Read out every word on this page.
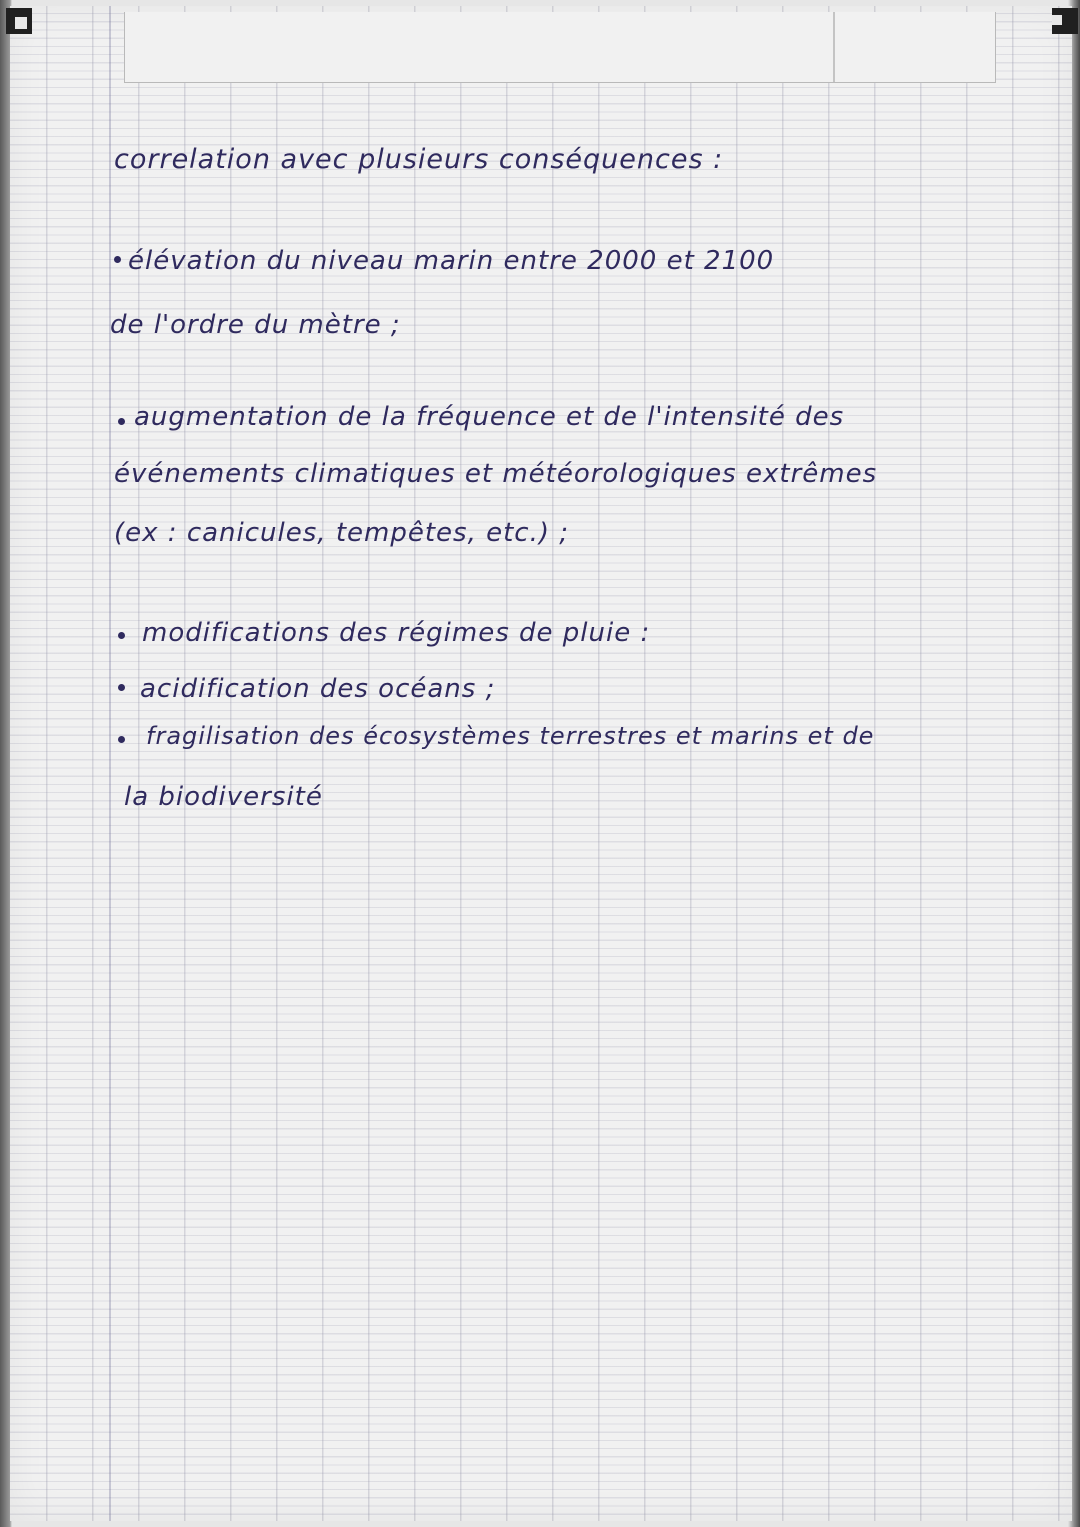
correlation avec plusieurs conséquences :
élévation du niveau marin entre 2000 et 2100
de l'ordre du mètre ;
augmentation de la fréquence et de l'intensité des
événements climatiques et météorologiques extrêmes
(ex : canicules, tempêtes, etc.) ;
modifications des régimes de pluie :
acidification des océans ;
fragilisation des écosystèmes terrestres et marins et de
la biodiversité
